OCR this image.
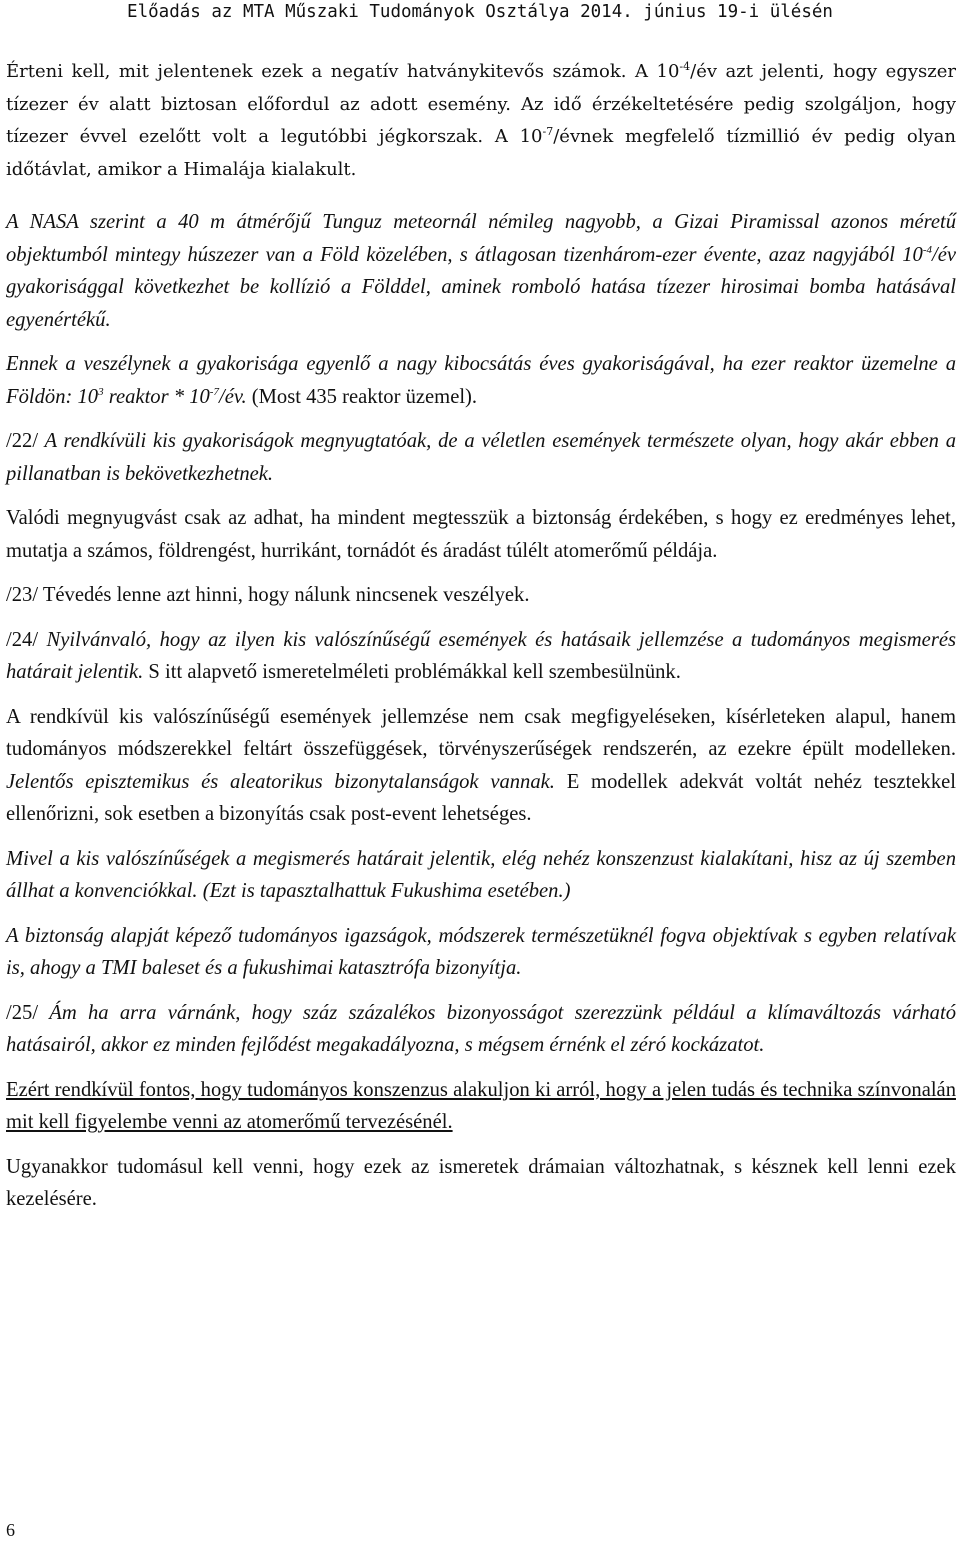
Előadás az MTA Műszaki Tudományok Osztálya 2014. június 19-i ülésén

Érteni kell, mit jelentenek ezek a negatív hatványkitevős számok. A $10^{-4}/év$ azt jelenti, hogy egyszer tízezer év alatt biztosan előfordul az adott esemény. Az idő érzékeltetésére pedig szolgáljon, hogy tízezer évvel ezelőtt volt a legutóbbi jégkorszak. A $10^{-7}$/évnek megfelelő tízmillió év pedig olyan időtávlat, amikor a Himalája kialakult.

A NASA szerint a 40 m átmérőjű Tunguz meteornál némileg nagyobb, a Gizai Piramissal azonos méretű objektumból mintegy húszezer van a Föld közelében, s átlagosan tizenhárom-ezer évente, azaz nagyjából $10^{-4}/év$ gyakorisággal következhet be kollízió a Földdel, aminek romboló hatása tízezer hirosimai bomba hatásával egyenértékű.

Ennek a veszélynek a gyakorisága egyenlő a nagy kibocsátás éves gyakoriságával, ha ezer reaktor üzemelne a Földön: $10^3$ reaktor * $10^{-7}/év$. (Most 435 reaktor üzemel).

/22/ A rendkívüli kis gyakoriságok megnyugtatóak, de a véletlen események természete olyan, hogy akár ebben a pillanatban is bekövetkezhetnek.

Valódi megnyugvást csak az adhat, ha mindent megtesszük a biztonság érdekében, s hogy ez eredményes lehet, mutatja a számos, földrengést, hurrikánt, tornádót és áradást túlélt atomerőmű példája.

/23/ Tévedés lenne azt hinni, hogy nálunk nincsenek veszélyek.

/24/ Nyilvánvaló, hogy az ilyen kis valószínűségű események és hatásaik jellemzése a tudományos megismerés határait jelentik. S itt alapvető ismeretelméleti problémákkal kell szembesülnünk.

A rendkívül kis valószínűségű események jellemzése nem csak megfigyeléseken, kísérleteken alapul, hanem tudományos módszerekkel feltárt összefüggések, törvényszerűségek rendszerén, az ezekre épült modelleken. Jelentős episztemikus és aleatorikus bizonytalanságok vannak. E modellek adekvát voltát nehéz tesztekkel ellenőrizni, sok esetben a bizonyítás csak post-event lehetséges.

Mivel a kis valószínűségek a megismerés határait jelentik, elég nehéz konszenzust kialakítani, hisz az új szemben állhat a konvenciókkal. (Ezt is tapasztalhattuk Fukushima esetében.)

A biztonság alapját képező tudományos igazságok, módszerek természetüknél fogva objektívak s egyben relatívak is, ahogy a TMI baleset és a fukushimai katasztrófa bizonyítja.

/25/ Ám ha arra várnánk, hogy száz százalékos bizonyosságot szerezzünk például a klímaváltozás várható hatásairól, akkor ez minden fejlődést megakadályozna, s mégsem érnénk el zéró kockázatot.

Ezért rendkívül fontos, hogy tudományos konszenzus alakuljon ki arról, hogy a jelen tudás és technika színvonalán mit kell figyelembe venni az atomerőmű tervezésénél.

Ugyanakkor tudomásul kell venni, hogy ezek az ismeretek drámaian változhatnak, s késznek kell lenni ezek kezelésére.

6
